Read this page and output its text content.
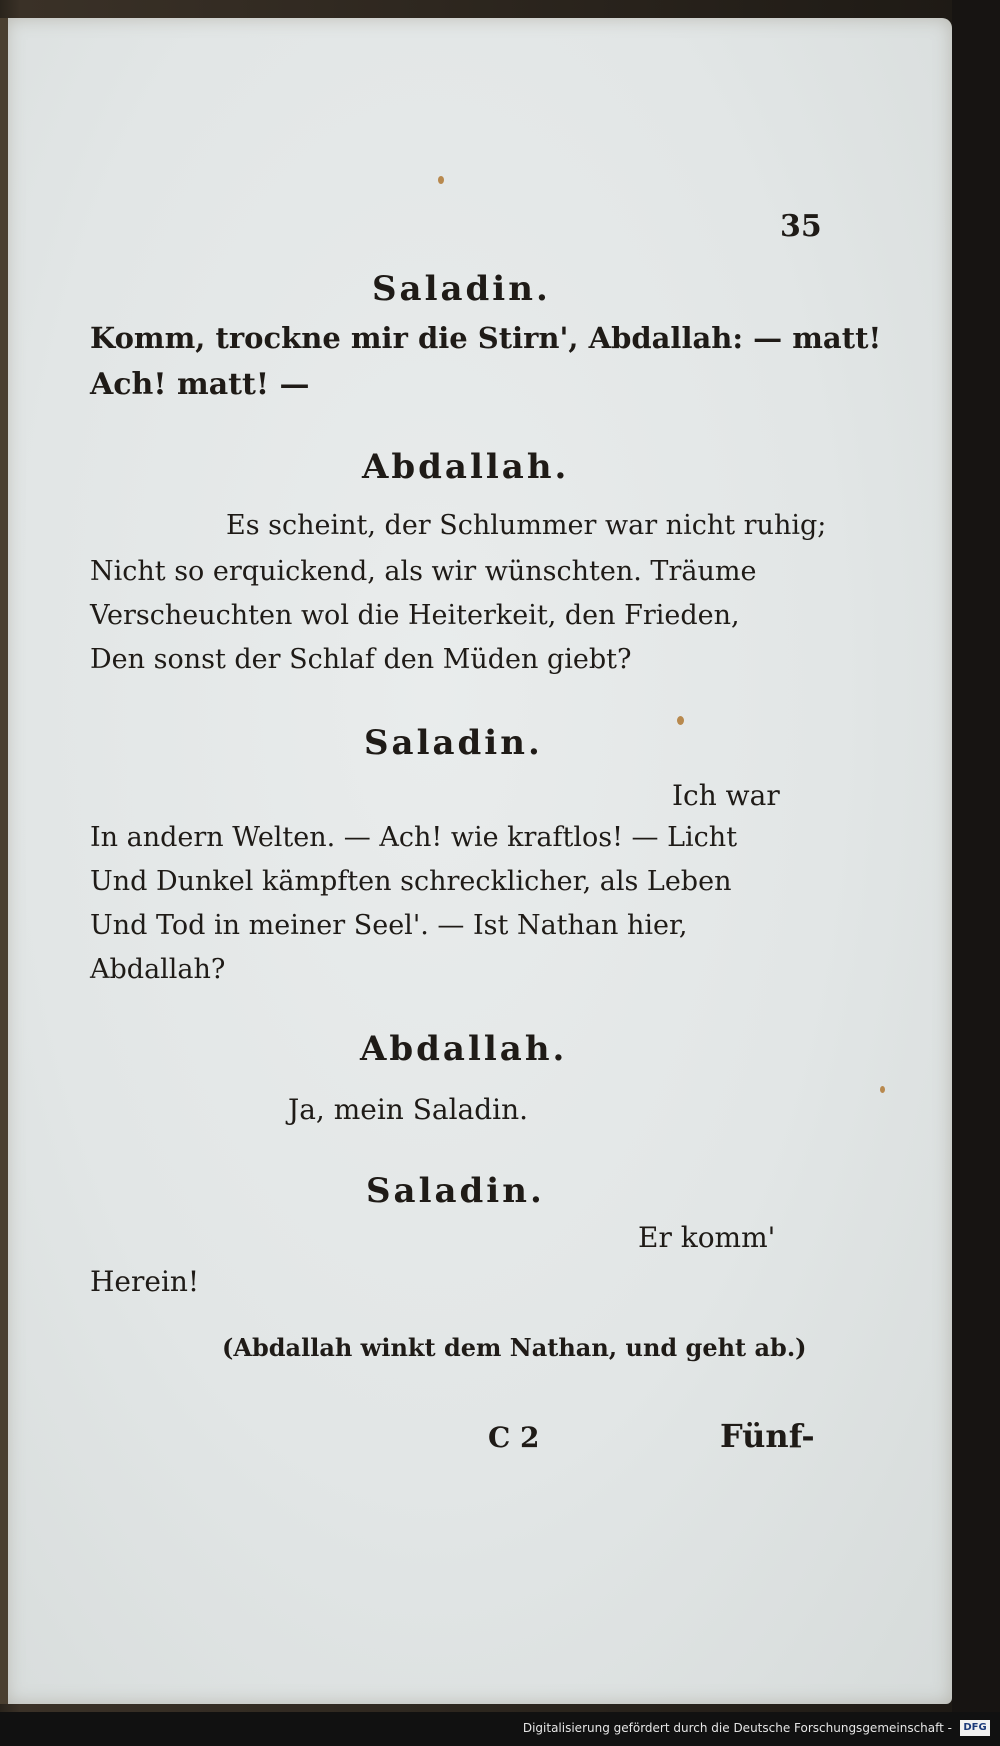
35
Saladin.
Komm, trockne mir die Stirn', Abdallah: — matt!
Ach! matt! —
Abdallah.
Es scheint, der Schlummer war nicht ruhig;
Nicht so erquickend, als wir wünschten. Träume
Verscheuchten wol die Heiterkeit, den Frieden,
Den sonst der Schlaf den Müden giebt?
Saladin.
Ich war
In andern Welten. — Ach! wie kraftlos! — Licht
Und Dunkel kämpften schrecklicher, als Leben
Und Tod in meiner Seel'. — Ist Nathan hier,
Abdallah?
Abdallah.
Ja, mein Saladin.
Saladin.
Er komm'
Herein!
(Abdallah winkt dem Nathan, und geht ab.)
C 2	Fünf-
Digitalisierung gefördert durch die Deutsche Forschungsgemeinschaft -	DFG
